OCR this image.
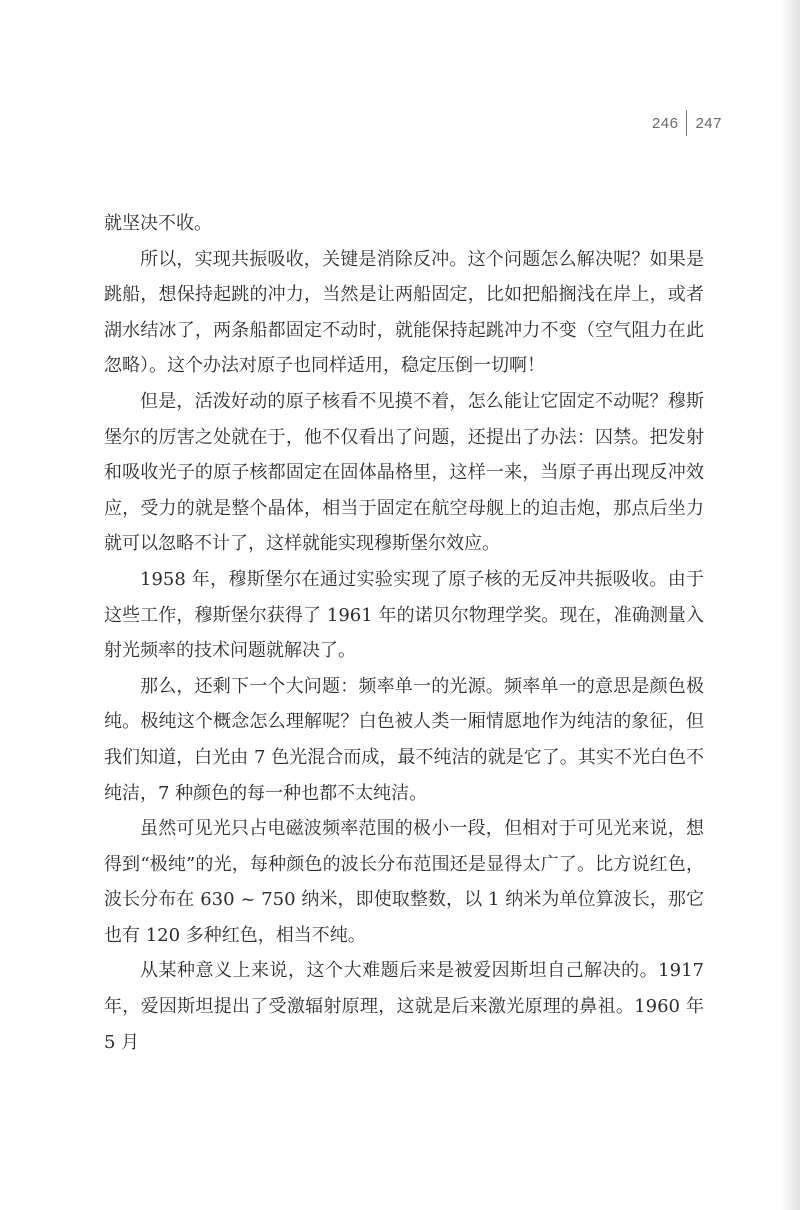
246 247

就坚决不收。

所以，实现共振吸收，关键是消除反冲。这个问题怎么解决呢？如果是跳船，想保持起跳的冲力，当然是让两船固定，比如把船搁浅在岸上，或者湖水结冰了，两条船都固定不动时，就能保持起跳冲力不变（空气阻力在此忽略）。这个办法对原子也同样适用，稳定压倒一切啊！

但是，活泼好动的原子核看不见摸不着，怎么能让它固定不动呢？穆斯堡尔的厉害之处就在于，他不仅看出了问题，还提出了办法：囚禁。把发射和吸收光子的原子核都固定在固体晶格里，这样一来，当原子再出现反冲效应，受力的就是整个晶体，相当于固定在航空母舰上的迫击炮，那点后坐力就可以忽略不计了，这样就能实现穆斯堡尔效应。

1958 年，穆斯堡尔在通过实验实现了原子核的无反冲共振吸收。由于这些工作，穆斯堡尔获得了 1961 年的诺贝尔物理学奖。现在，准确测量入射光频率的技术问题就解决了。

那么，还剩下一个大问题：频率单一的光源。频率单一的意思是颜色极纯。极纯这个概念怎么理解呢？白色被人类一厢情愿地作为纯洁的象征，但我们知道，白光由 7 色光混合而成，最不纯洁的就是它了。其实不光白色不纯洁，7 种颜色的每一种也都不太纯洁。

虽然可见光只占电磁波频率范围的极小一段，但相对于可见光来说，想得到“极纯”的光，每种颜色的波长分布范围还是显得太广了。比方说红色，波长分布在 630 ~ 750 纳米，即使取整数，以 1 纳米为单位算波长，那它也有 120 多种红色，相当不纯。

从某种意义上来说，这个大难题后来是被爱因斯坦自己解决的。1917年，爱因斯坦提出了受激辐射原理，这就是后来激光原理的鼻祖。1960 年 5 月
